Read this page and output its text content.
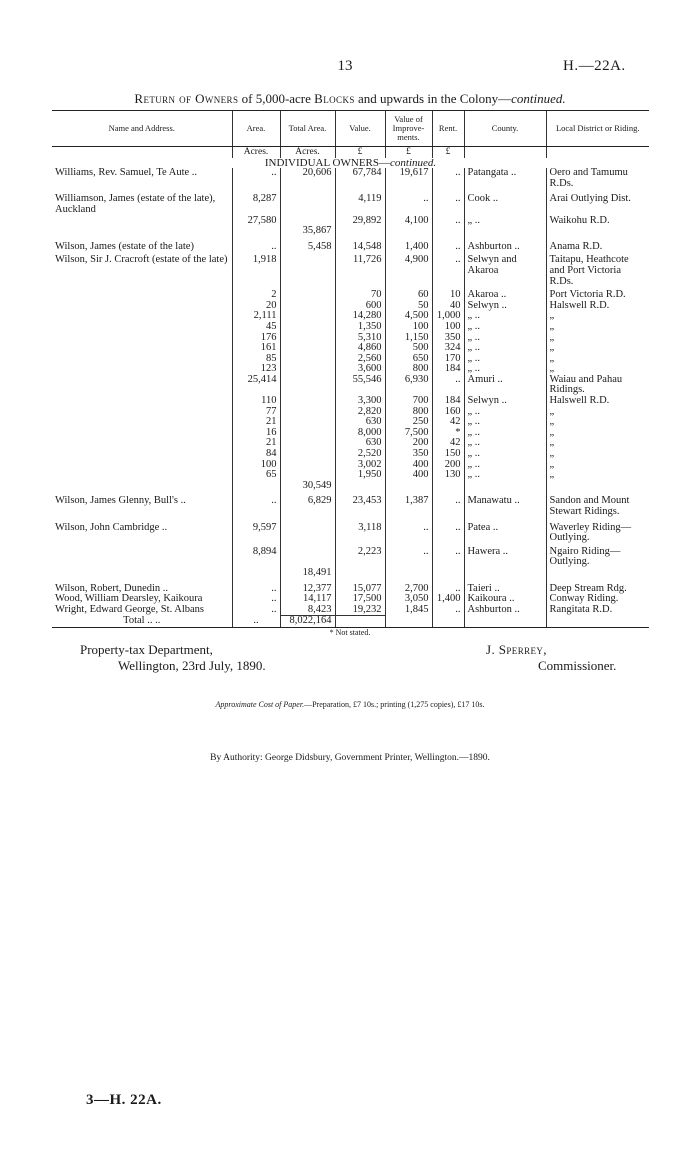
13	H.—22A.
Return of Owners of 5,000-acre Blocks and upwards in the Colony—continued.
Name and Address.	Area.	Total Area.	Value.	Value of Improve-ments.	Rent.	County.	Local District or Riding.
	Acres.	Acres.	£	£	£		
INDIVIDUAL OWNERS—continued.							
Williams, Rev. Samuel, Te Aute ..	..	20,606	67,784	19,617	..	Patangata ..	Oero and Tamumu R.Ds.

Williamson, James (estate of the late), Auckland	8,287		4,119	..	..	Cook ..	Arai Outlying Dist.
	27,580		29,892	4,100	..	„ ..	Waikohu R.D.
		35,867					

Wilson, James (estate of the late)	..	5,458	14,548	1,400	..	Ashburton ..	Anama R.D.

Wilson, Sir J. Cracroft (estate of the late)	1,918		11,726	4,900	..	Selwyn and Akaroa	Taitapu, Heathcote and Port Victoria R.Ds.

	2		70	60	10	Akaroa ..	Port Victoria R.D.
	20		600	50	40	Selwyn ..	Halswell R.D.
	2,111		14,280	4,500	1,000	„ ..	„
	45		1,350	100	100	„ ..	„
	176		5,310	1,150	350	„ ..	„
	161		4,860	500	324	„ ..	„
	85		2,560	650	170	„ ..	„
	123		3,600	800	184	„ ..	„
	25,414		55,546	6,930	..	Amuri ..	Waiau and Pahau Ridings.
	110		3,300	700	184	Selwyn ..	Halswell R.D.
	77		2,820	800	160	„ ..	„
	21		630	250	42	„ ..	„
	16		8,000	7,500	*	„ ..	„
	21		630	200	42	„ ..	„
	84		2,520	350	150	„ ..	„
	100		3,002	400	200	„ ..	„
	65		1,950	400	130	„ ..	„
		30,549					

Wilson, James Glenny, Bull's ..	..	6,829	23,453	1,387	..	Manawatu ..	Sandon and Mount Stewart Ridings.

Wilson, John Cambridge ..	9,597		3,118	..	..	Patea ..	Waverley Riding—Outlying.

	8,894		2,223	..	..	Hawera ..	Ngairo Riding—Outlying.
		18,491					

Wilson, Robert, Dunedin ..	..	12,377	15,077	2,700	..	Taieri ..	Deep Stream Rdg.
Wood, William Dearsley, Kaikoura	..	14,117	17,500	3,050	1,400	Kaikoura ..	Conway Riding.
Wright, Edward George, St. Albans	..	8,423	19,232	1,845	..	Ashburton ..	Rangitata R.D.
Total .. ..	..	8,022,164					
* Not stated.
Property-tax Department,
Wellington, 23rd July, 1890.
J. Sperrey,
Commissioner.
Approximate Cost of Paper.—Preparation, £7 10s.; printing (1,275 copies), £17 10s.
By Authority: George Didsbury, Government Printer, Wellington.—1890.
3—H. 22A.
